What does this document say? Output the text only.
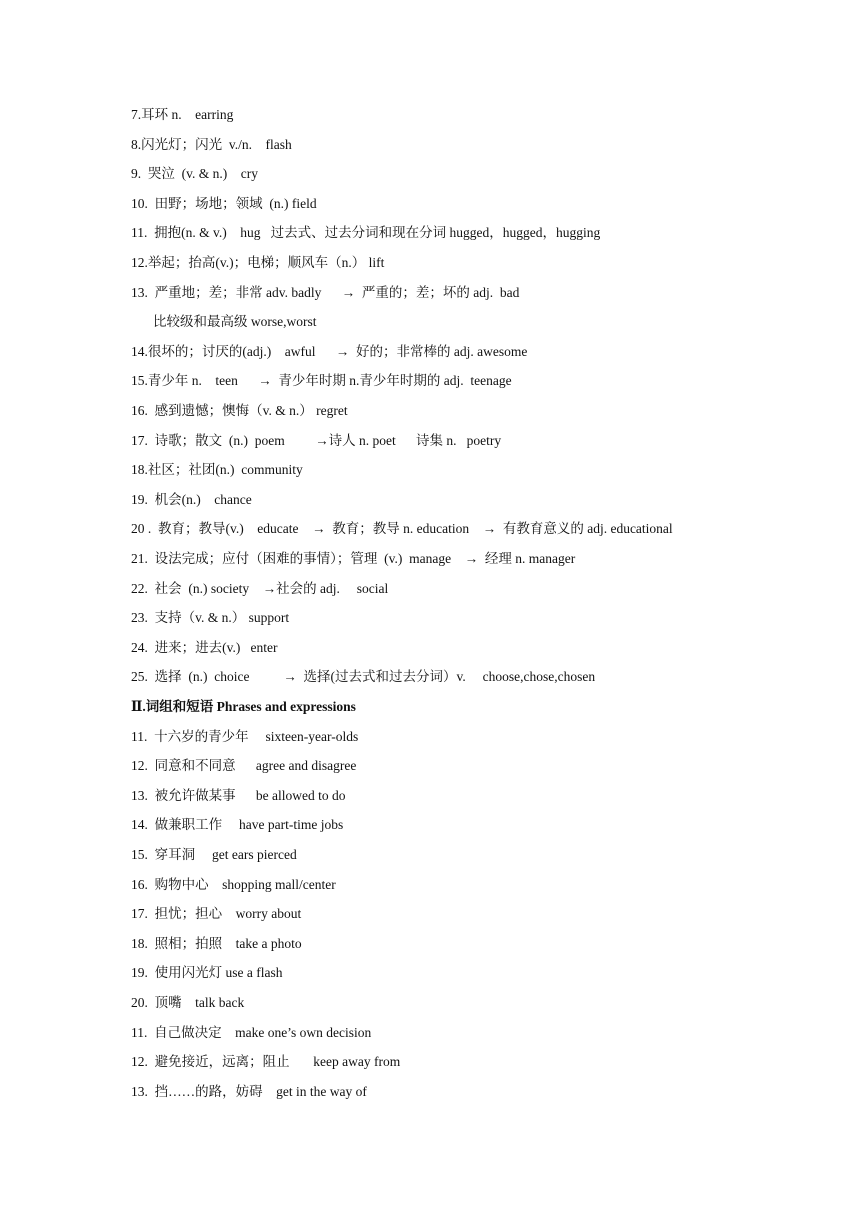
7.耳环 n.    earring
8.闪光灯；闪光  v./n.    flash
9.  哭泣  (v. & n.)    cry
10.  田野；场地；领域  (n.) field
11.  拥抱(n. & v.)    hug   过去式、过去分词和现在分词 hugged，hugged，hugging
12.举起；抬高(v.)；电梯；顺风车（n.） lift
13.  严重地；差；非常 adv. badly      →  严重的；差；坏的 adj.  bad
比较级和最高级 worse,worst
14.很坏的；讨厌的(adj.)    awful      →  好的；非常棒的 adj. awesome
15.青少年 n.    teen      →  青少年时期 n.青少年时期的 adj.  teenage
16.  感到遗憾；懊悔（v. & n.） regret
17.  诗歌；散文  (n.)  poem         →诗人 n. poet      诗集 n.   poetry
18.社区；社团(n.)  community
19.  机会(n.)    chance
20 .  教育；教导(v.)    educate    →  教育；教导 n. education    →  有教育意义的 adj. educational
21.  设法完成；应付（困难的事情）；管理  (v.)  manage    →  经理 n. manager
22.  社会  (n.) society    →社会的 adj.     social
23.  支持（v. & n.） support
24.  进来；进去(v.)   enter
25.  选择  (n.)  choice          →  选择(过去式和过去分词）v.     choose,chose,chosen
Ⅱ.词组和短语 Phrases and expressions
11.  十六岁的青少年     sixteen-year-olds
12.  同意和不同意      agree and disagree
13.  被允许做某事      be allowed to do
14.  做兼职工作     have part-time jobs
15.  穿耳洞     get ears pierced
16.  购物中心    shopping mall/center
17.  担忧；担心    worry about
18.  照相；拍照    take a photo
19.  使用闪光灯 use a flash
20.  顶嘴    talk back
11.  自己做决定    make one’s own decision
12.  避免接近，远离；阻止       keep away from
13.  挡……的路，妨碍    get in the way of
